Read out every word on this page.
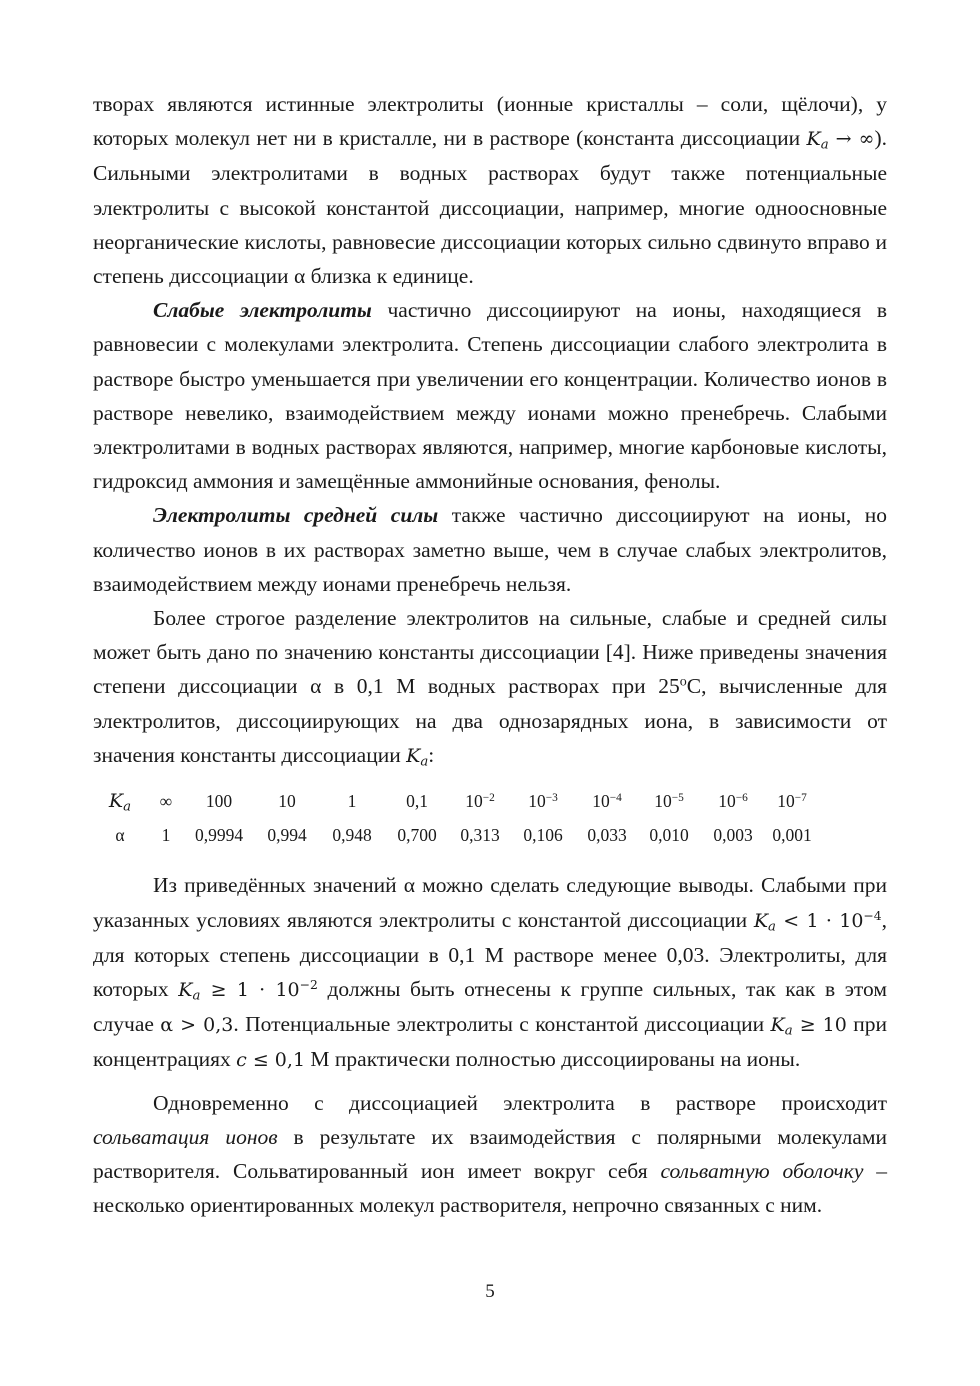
творах являются истинные электролиты (ионные кристаллы – соли, щёлочи), у которых молекул нет ни в кристалле, ни в растворе (константа диссоциации $K_a$ → ∞). Сильными электролитами в водных растворах будут также потенциальные электролиты с высокой константой диссоциации, например, многие одноосновные неорганические кислоты, равновесие диссоциации которых сильно сдвинуто вправо и степень диссоциации α близка к единице.

Слабые электролиты частично диссоциируют на ионы, находящиеся в равновесии с молекулами электролита. Степень диссоциации слабого электролита в растворе быстро уменьшается при увеличении его концентрации. Количество ионов в растворе невелико, взаимодействием между ионами можно пренебречь. Слабыми электролитами в водных растворах являются, например, многие карбоновые кислоты, гидроксид аммония и замещённые аммонийные основания, фенолы.

Электролиты средней силы также частично диссоциируют на ионы, но количество ионов в их растворах заметно выше, чем в случае слабых электролитов, взаимодействием между ионами пренебречь нельзя.

Более строгое разделение электролитов на сильные, слабые и средней силы может быть дано по значению константы диссоциации [4]. Ниже приведены значения степени диссоциации α в 0,1 М водных растворах при $25^оС$, вычисленные для электролитов, диссоциирующих на два однозарядных иона, в зависимости от значения константы диссоциации $K_a$:

$K_a$	∞	100	10	1	0,1	$10^{-2}$	$10^{-3}$	$10^{-4}$	$10^{-5}$	$10^{-6}$	$10^{-7}$
α	1	0,9994	0,994	0,948	0,700	0,313	0,106	0,033	0,010	0,003	0,001

Из приведённых значений α можно сделать следующие выводы. Слабыми при указанных условиях являются электролиты с константой диссоциации $K_a < 1 \cdot 10^{-4}$, для которых степень диссоциации в 0,1 М растворе менее 0,03. Электролиты, для которых $K_a \ge 1 \cdot 10^{-2}$ должны быть отнесены к группе сильных, так как в этом случае α > 0,3. Потенциальные электролиты с константой диссоциации $K_a \ge 10$ при концентрациях c ≤ 0,1 М практически полностью диссоциированы на ионы.

Одновременно с диссоциацией электролита в растворе происходит сольватация ионов в результате их взаимодействия с полярными молекулами растворителя. Сольватированный ион имеет вокруг себя сольватную оболочку – несколько ориентированных молекул растворителя, непрочно связанных с ним.

5
